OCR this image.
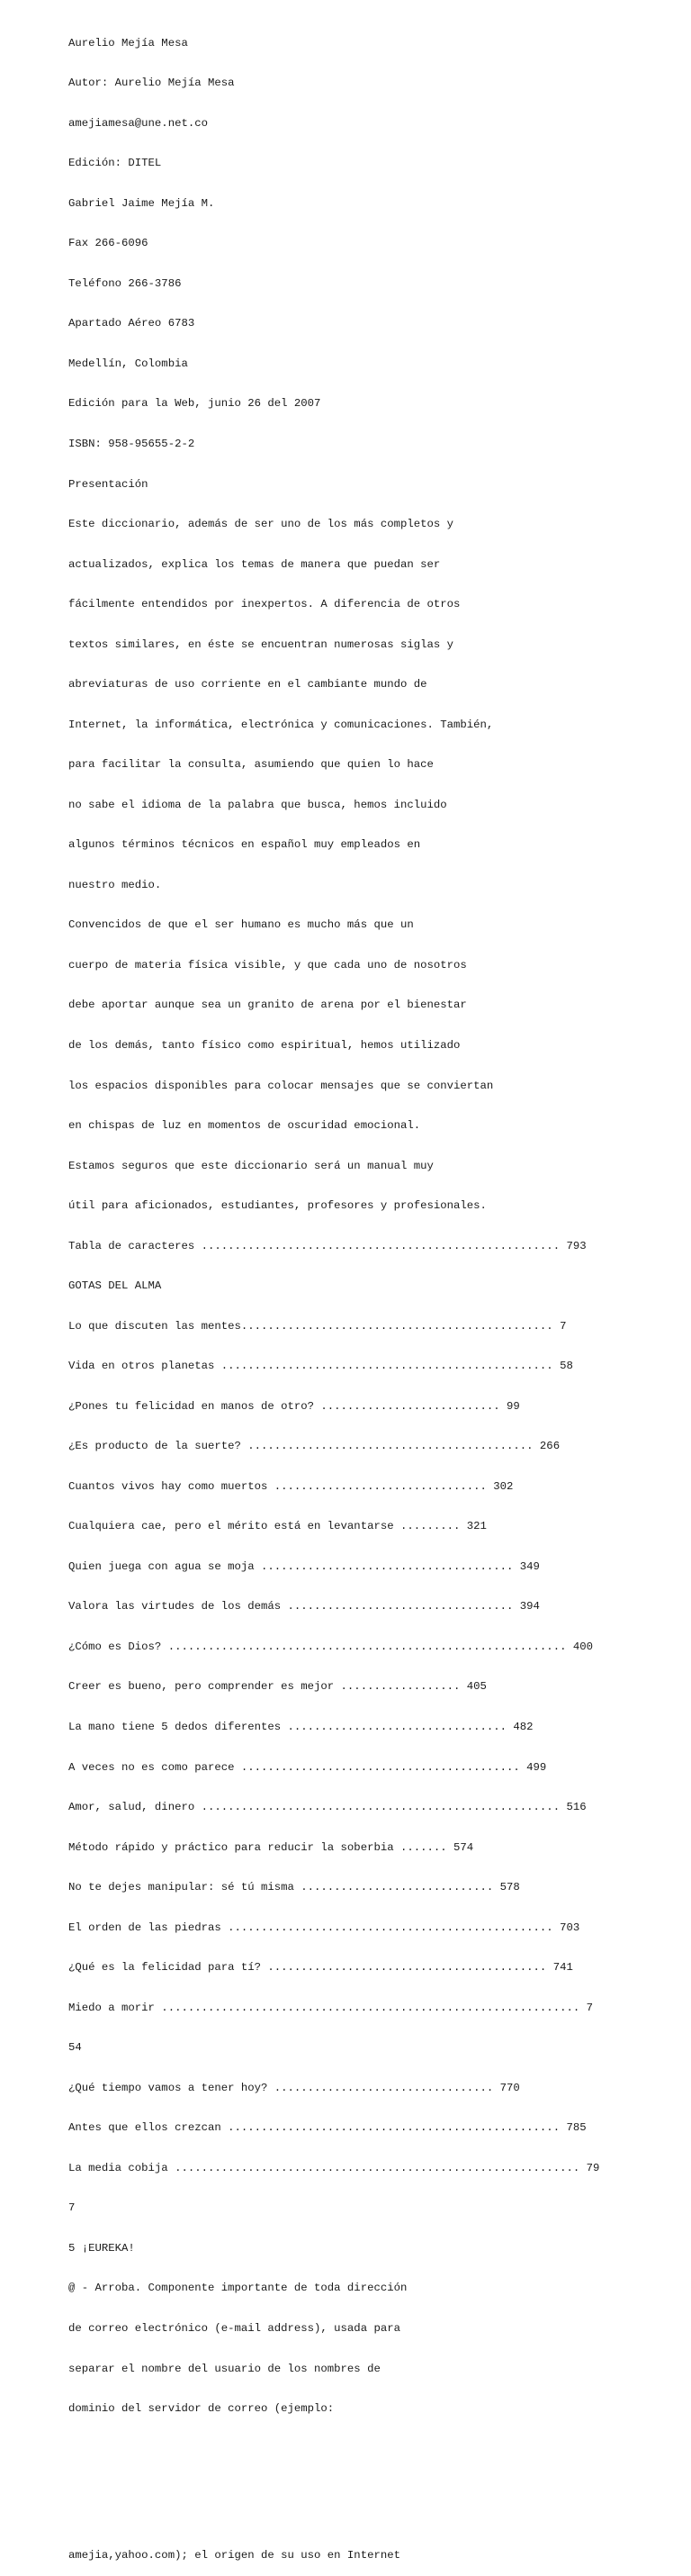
Aurelio Mejía Mesa

Autor: Aurelio Mejía Mesa

amejiamesa@une.net.co

Edición: DITEL

Gabriel Jaime Mejía M.

Fax 266-6096

Teléfono 266-3786

Apartado Aéreo 6783

Medellín, Colombia

Edición para la Web, junio 26 del 2007

ISBN: 958-95655-2-2

Presentación

Este diccionario, además de ser uno de los más completos y

actualizados, explica los temas de manera que puedan ser

fácilmente entendidos por inexpertos. A diferencia de otros

textos similares, en éste se encuentran numerosas siglas y

abreviaturas de uso corriente en el cambiante mundo de

Internet, la informática, electrónica y comunicaciones. También,

para facilitar la consulta, asumiendo que quien lo hace

no sabe el idioma de la palabra que busca, hemos incluido

algunos términos técnicos en español muy empleados en

nuestro medio.

Convencidos de que el ser humano es mucho más que un

cuerpo de materia física visible, y que cada uno de nosotros

debe aportar aunque sea un granito de arena por el bienestar

de los demás, tanto físico como espiritual, hemos utilizado

los espacios disponibles para colocar mensajes que se conviertan

en chispas de luz en momentos de oscuridad emocional.

Estamos seguros que este diccionario será un manual muy

útil para aficionados, estudiantes, profesores y profesionales.

Tabla de caracteres ...................................................... 793

GOTAS DEL ALMA

Lo que discuten las mentes............................................... 7

Vida en otros planetas .................................................. 58

¿Pones tu felicidad en manos de otro? ........................... 99

¿Es producto de la suerte? ........................................... 266

Cuantos vivos hay como muertos ................................ 302

Cualquiera cae, pero el mérito está en levantarse ......... 321

Quien juega con agua se moja ...................................... 349

Valora las virtudes de los demás .................................. 394

¿Cómo es Dios? ............................................................ 400

Creer es bueno, pero comprender es mejor .................. 405

La mano tiene 5 dedos diferentes ................................. 482

A veces no es como parece .......................................... 499

Amor, salud, dinero ...................................................... 516

Método rápido y práctico para reducir la soberbia ....... 574

No te dejes manipular: sé tú misma ............................. 578

El orden de las piedras ................................................. 703

¿Qué es la felicidad para tí? .......................................... 741

Miedo a morir ............................................................... 7

54

¿Qué tiempo vamos a tener hoy? ................................. 770

Antes que ellos crezcan .................................................. 785

La media cobija ............................................................. 79

7

5 ¡EUREKA!

@ - Arroba. Componente importante de toda dirección

de correo electrónico (e-mail address), usada para

separar el nombre del usuario de los nombres de

dominio del servidor de correo (ejemplo:

amejia,yahoo.com); el origen de su uso en Internet
